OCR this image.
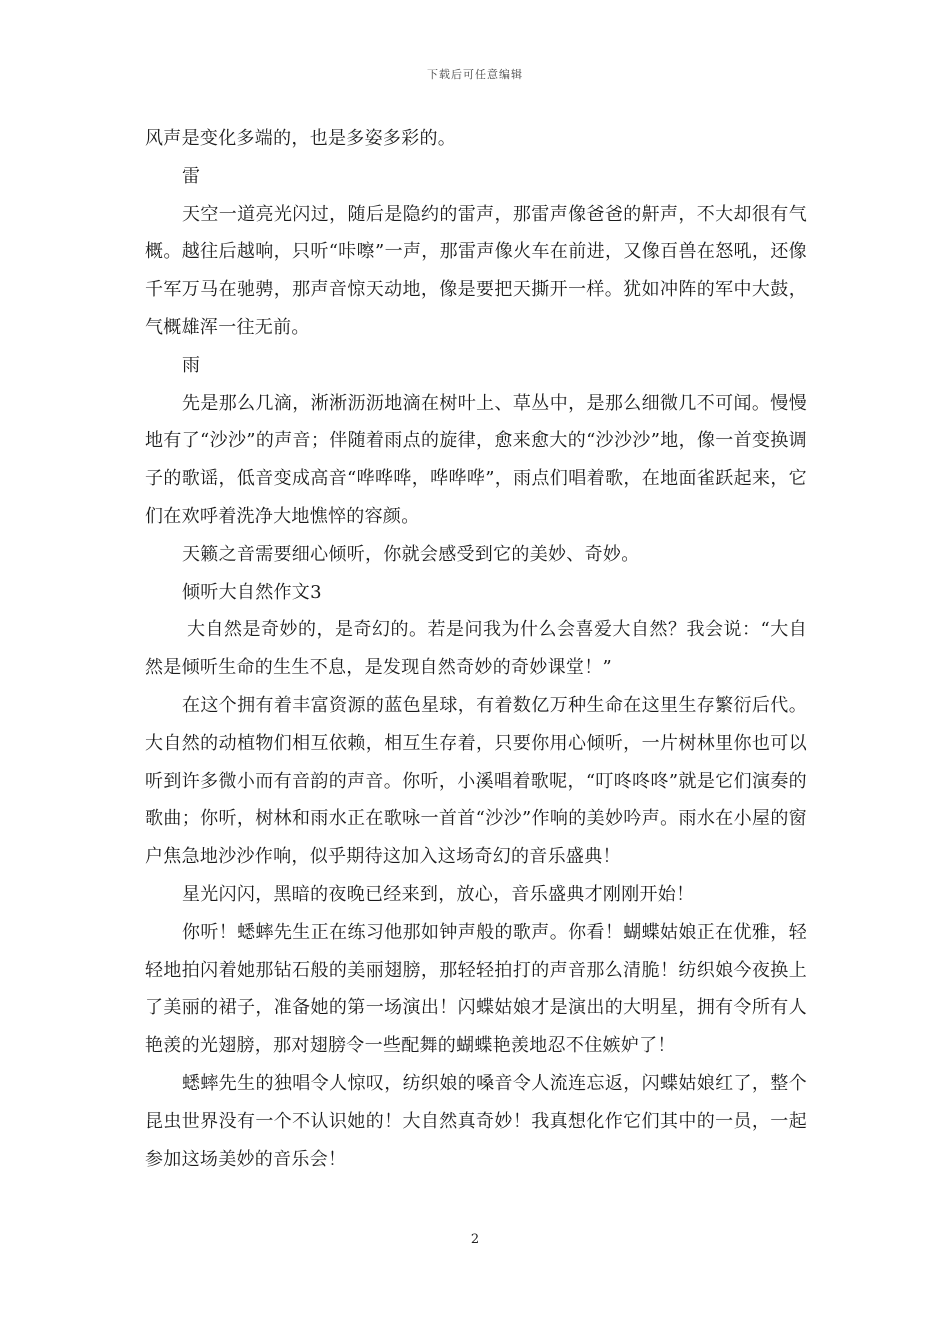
下载后可任意编辑

风声是变化多端的，也是多姿多彩的。

雷

天空一道亮光闪过，随后是隐约的雷声，那雷声像爸爸的鼾声，不大却很有气概。越往后越响，只听“咔嚓”一声，那雷声像火车在前进，又像百兽在怒吼，还像千军万马在驰骋，那声音惊天动地，像是要把天撕开一样。犹如冲阵的军中大鼓，气概雄浑一往无前。

雨

先是那么几滴，淅淅沥沥地滴在树叶上、草丛中，是那么细微几不可闻。慢慢地有了“沙沙”的声音；伴随着雨点的旋律，愈来愈大的“沙沙沙”地，像一首变换调子的歌谣，低音变成高音“哗哗哗，哗哗哗”，雨点们唱着歌，在地面雀跃起来，它们在欢呼着洗净大地憔悴的容颜。

天籁之音需要细心倾听，你就会感受到它的美妙、奇妙。

倾听大自然作文3

大自然是奇妙的，是奇幻的。若是问我为什么会喜爱大自然？我会说：“大自然是倾听生命的生生不息，是发现自然奇妙的奇妙课堂！”

在这个拥有着丰富资源的蓝色星球，有着数亿万种生命在这里生存繁衍后代。大自然的动植物们相互依赖，相互生存着，只要你用心倾听，一片树林里你也可以听到许多微小而有音韵的声音。你听，小溪唱着歌呢，“叮咚咚咚”就是它们演奏的歌曲；你听，树林和雨水正在歌咏一首首“沙沙”作响的美妙吟声。雨水在小屋的窗户焦急地沙沙作响，似乎期待这加入这场奇幻的音乐盛典！

星光闪闪，黑暗的夜晚已经来到，放心，音乐盛典才刚刚开始！

你听！蟋蟀先生正在练习他那如钟声般的歌声。你看！蝴蝶姑娘正在优雅，轻轻地拍闪着她那钻石般的美丽翅膀，那轻轻拍打的声音那么清脆！纺织娘今夜换上了美丽的裙子，准备她的第一场演出！闪蝶姑娘才是演出的大明星，拥有令所有人艳羡的光翅膀，那对翅膀令一些配舞的蝴蝶艳羡地忍不住嫉妒了！

蟋蟀先生的独唱令人惊叹，纺织娘的嗓音令人流连忘返，闪蝶姑娘红了，整个昆虫世界没有一个不认识她的！大自然真奇妙！我真想化作它们其中的一员，一起参加这场美妙的音乐会！

2
